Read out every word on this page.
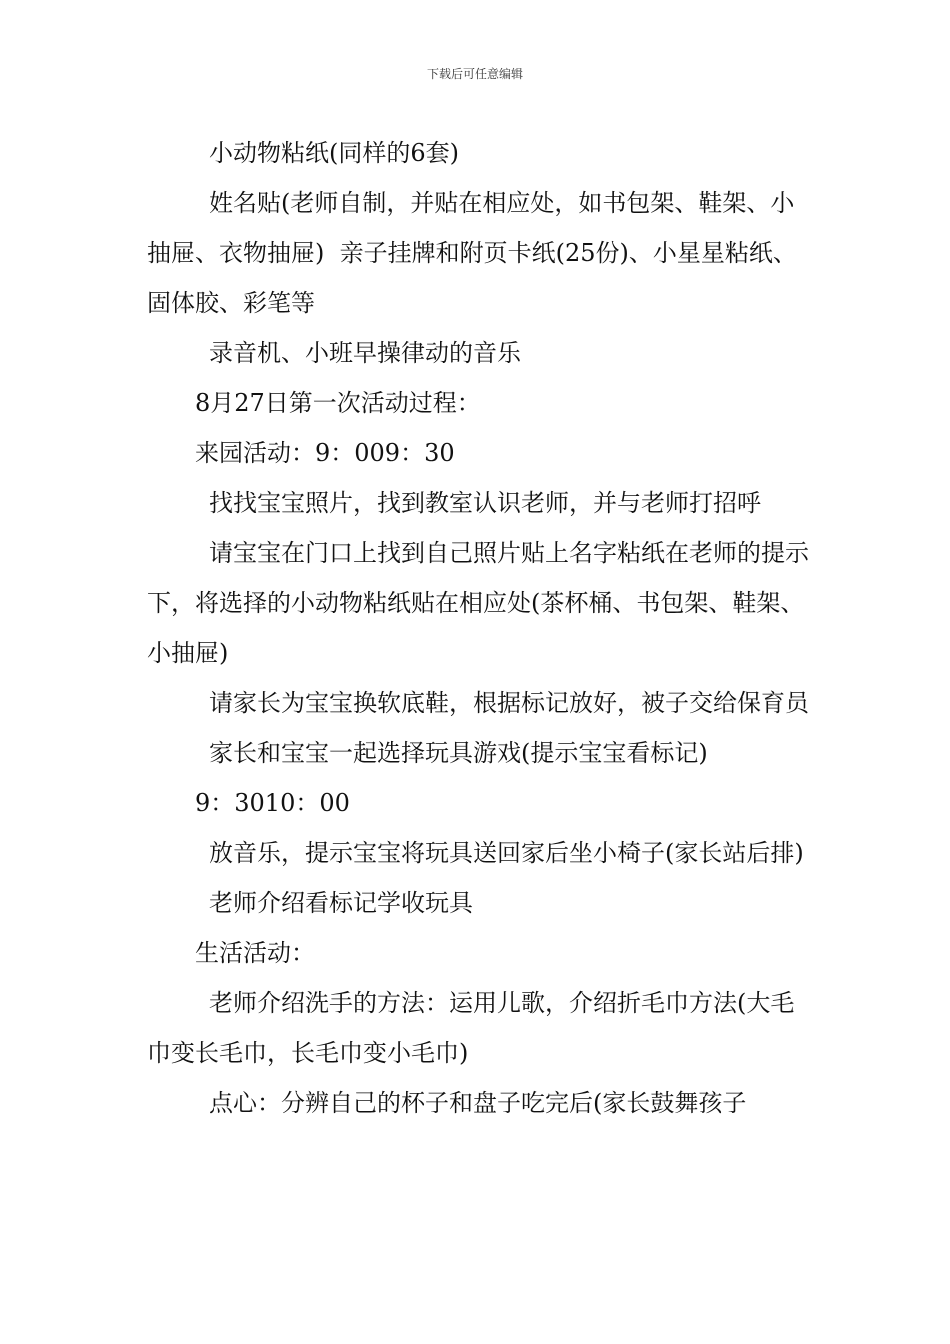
下载后可任意编辑

小动物粘纸(同样的6套)

姓名贴(老师自制，并贴在相应处，如书包架、鞋架、小抽屉、衣物抽屉)  亲子挂牌和附页卡纸(25份)、小星星粘纸、固体胶、彩笔等

录音机、小班早操律动的音乐

8月27日第一次活动过程：

来园活动：9：009：30

找找宝宝照片，找到教室认识老师，并与老师打招呼

请宝宝在门口上找到自己照片贴上名字粘纸在老师的提示下，将选择的小动物粘纸贴在相应处(茶杯桶、书包架、鞋架、小抽屉)

请家长为宝宝换软底鞋，根据标记放好，被子交给保育员

家长和宝宝一起选择玩具游戏(提示宝宝看标记)

9：3010：00

放音乐，提示宝宝将玩具送回家后坐小椅子(家长站后排)

老师介绍看标记学收玩具

生活活动：

老师介绍洗手的方法：运用儿歌，介绍折毛巾方法(大毛巾变长毛巾，长毛巾变小毛巾)

点心：分辨自己的杯子和盘子吃完后(家长鼓舞孩子
